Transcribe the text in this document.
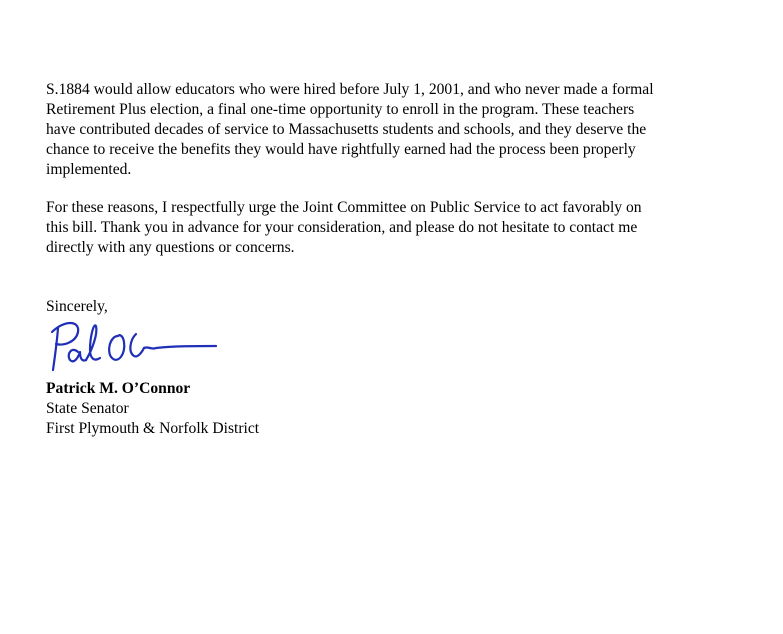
S.1884 would allow educators who were hired before July 1, 2001, and who never made a formal
Retirement Plus election, a final one-time opportunity to enroll in the program. These teachers
have contributed decades of service to Massachusetts students and schools, and they deserve the
chance to receive the benefits they would have rightfully earned had the process been properly
implemented.

For these reasons, I respectfully urge the Joint Committee on Public Service to act favorably on
this bill. Thank you in advance for your consideration, and please do not hesitate to contact me
directly with any questions or concerns.

Sincerely,

Patrick M. O’Connor
State Senator
First Plymouth & Norfolk District
